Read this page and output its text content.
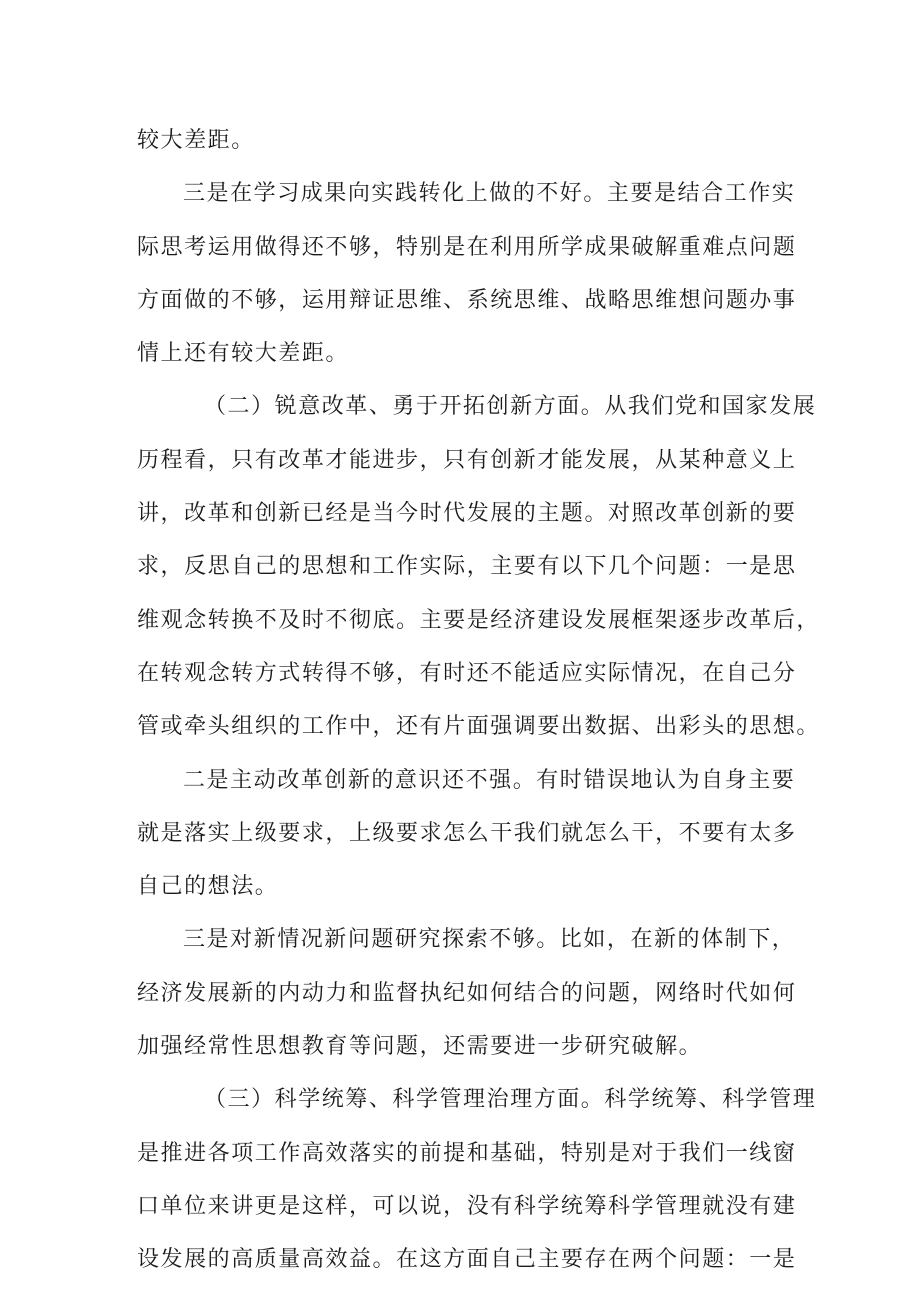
较大差距。
三是在学习成果向实践转化上做的不好。主要是结合工作实
际思考运用做得还不够，特别是在利用所学成果破解重难点问题
方面做的不够，运用辩证思维、系统思维、战略思维想问题办事
情上还有较大差距。
（二）锐意改革、勇于开拓创新方面。从我们党和国家发展
历程看，只有改革才能进步，只有创新才能发展，从某种意义上
讲，改革和创新已经是当今时代发展的主题。对照改革创新的要
求，反思自己的思想和工作实际，主要有以下几个问题：一是思
维观念转换不及时不彻底。主要是经济建设发展框架逐步改革后，
在转观念转方式转得不够，有时还不能适应实际情况，在自己分
管或牵头组织的工作中，还有片面强调要出数据、出彩头的思想。
二是主动改革创新的意识还不强。有时错误地认为自身主要
就是落实上级要求，上级要求怎么干我们就怎么干，不要有太多
自己的想法。
三是对新情况新问题研究探索不够。比如，在新的体制下，
经济发展新的内动力和监督执纪如何结合的问题，网络时代如何
加强经常性思想教育等问题，还需要进一步研究破解。
（三）科学统筹、科学管理治理方面。科学统筹、科学管理
是推进各项工作高效落实的前提和基础，特别是对于我们一线窗
口单位来讲更是这样，可以说，没有科学统筹科学管理就没有建
设发展的高质量高效益。在这方面自己主要存在两个问题：一是
